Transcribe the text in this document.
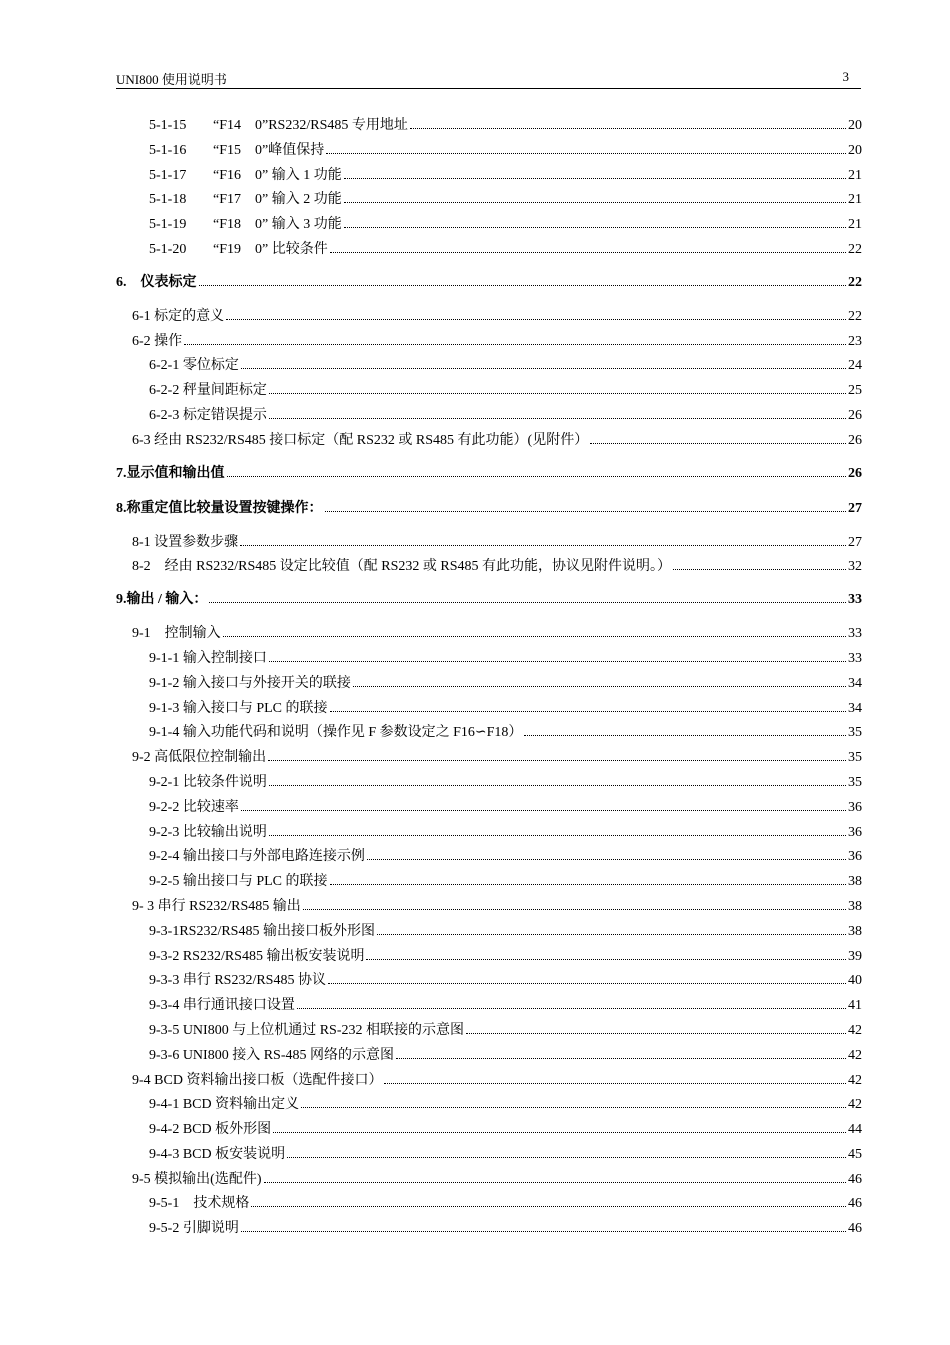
UNI800 使用说明书	3
5-1-15 “F14　0”RS232/RS485 专用地址	20
5-1-16 “F15　0”峰值保持	20
5-1-17 “F16　0” 输入 1 功能	21
5-1-18 “F17　0” 输入 2 功能	21
5-1-19 “F18　0” 输入 3 功能	21
5-1-20 “F19　0” 比较条件	22
6.　仪表标定	22
6-1 标定的意义	22
6-2 操作	23
6-2-1 零位标定	24
6-2-2 秤量间距标定	25
6-2-3 标定错误提示	26
6-3 经由 RS232/RS485 接口标定（配 RS232 或 RS485 有此功能）(见附件）	26
7.显示值和输出值	26
8.称重定值比较量设置按键操作：	27
8-1 设置参数步骤	27
8-2　经由 RS232/RS485 设定比较值（配 RS232 或 RS485 有此功能，协议见附件说明。）	32
9.输出 / 输入：	33
9-1　控制输入	33
9-1-1 输入控制接口	33
9-1-2 输入接口与外接开关的联接	34
9-1-3 输入接口与 PLC 的联接	34
9-1-4 输入功能代码和说明（操作见 F 参数设定之 F16∽F18）	35
9-2 高低限位控制输出	35
9-2-1 比较条件说明	35
9-2-2 比较速率	36
9-2-3 比较输出说明	36
9-2-4 输出接口与外部电路连接示例	36
9-2-5 输出接口与 PLC 的联接	38
9- 3 串行 RS232/RS485 输出	38
9-3-1RS232/RS485 输出接口板外形图	38
9-3-2 RS232/RS485 输出板安装说明	39
9-3-3 串行 RS232/RS485 协议	40
9-3-4 串行通讯接口设置	41
9-3-5 UNI800 与上位机通过 RS-232 相联接的示意图	42
9-3-6 UNI800 接入 RS-485 网络的示意图	42
9-4 BCD 资料输出接口板（选配件接口）	42
9-4-1 BCD 资料输出定义	42
9-4-2 BCD 板外形图	44
9-4-3 BCD 板安装说明	45
9-5 模拟输出(选配件)	46
9-5-1　技术规格	46
9-5-2 引脚说明	46
